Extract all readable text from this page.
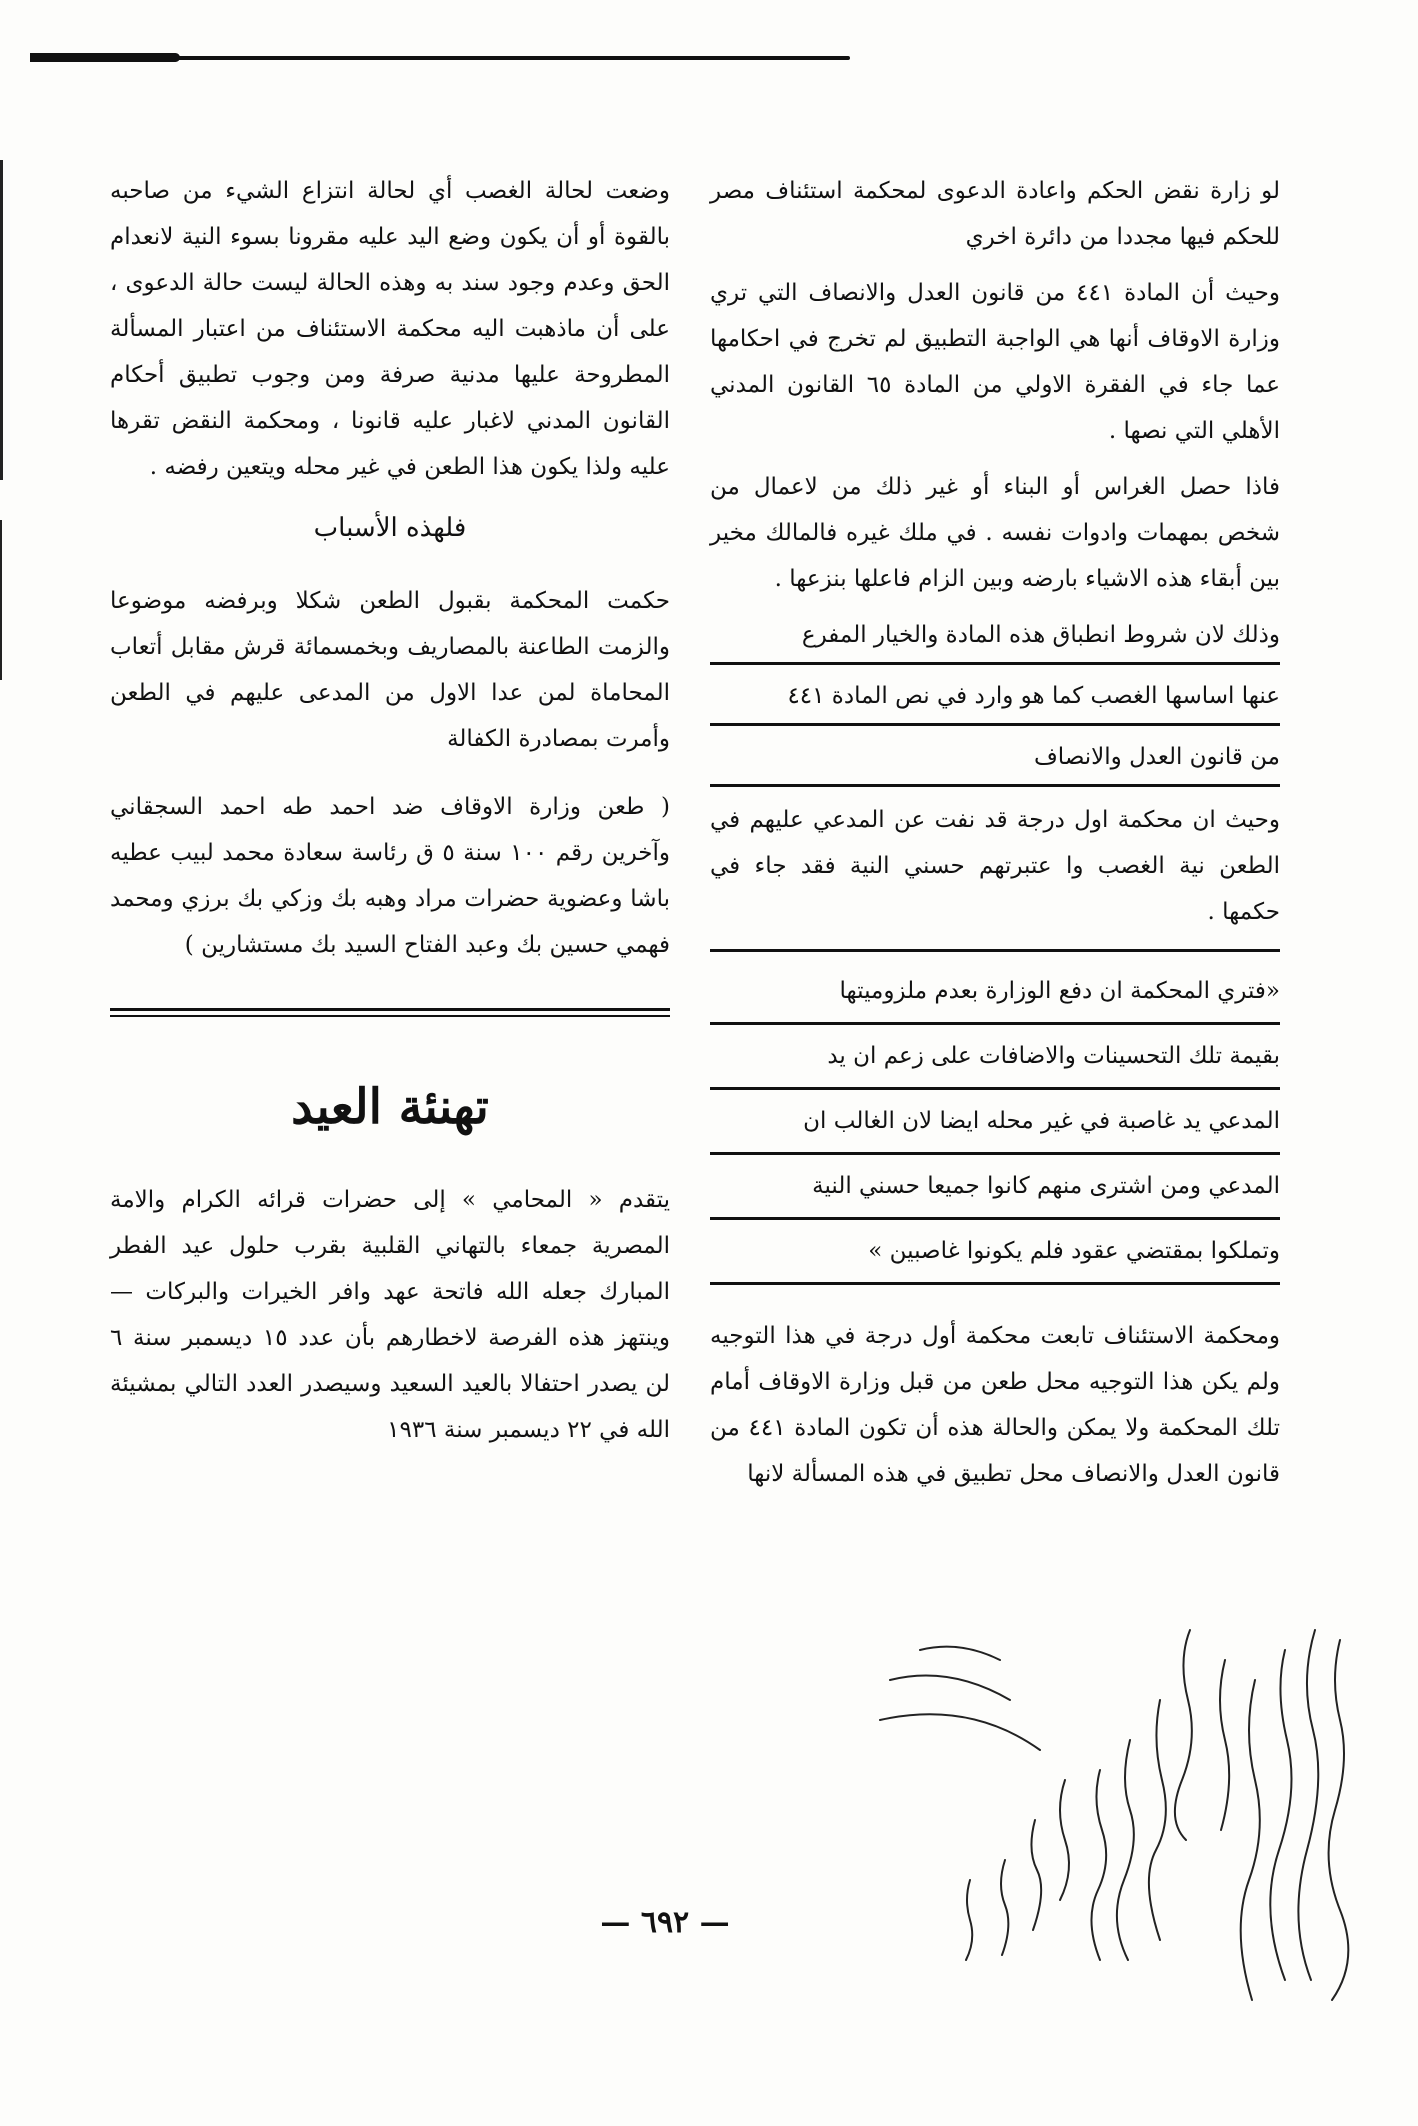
لو زارة نقض الحكم واعادة الدعوى لمحكمة استئناف مصر للحكم فيها مجددا من دائرة اخري

وحيث أن المادة ٤٤١ من قانون العدل والانصاف التي تري وزارة الاوقاف أنها هي الواجبة التطبيق لم تخرج في احكامها عما جاء في الفقرة الاولي من المادة ٦٥ القانون المدني الأهلي التي نصها .

فاذا حصل الغراس أو البناء أو غير ذلك من لاعمال من شخص بمهمات وادوات نفسه . في ملك غيره فالمالك مخير بين أبقاء هذه الاشياء بارضه وبين الزام فاعلها بنزعها .

وذلك لان شروط انطباق هذه المادة والخيار المفرع

عنها اساسها الغصب كما هو وارد في نص المادة ٤٤١

من قانون العدل والانصاف

وحيث ان محكمة اول درجة قد نفت عن المدعي عليهم في الطعن نية الغصب وا عتبرتهم حسني النية فقد جاء في حكمها .

«فتري المحكمة ان دفع الوزارة بعدم ملزوميتها

بقيمة تلك التحسينات والاضافات على زعم ان يد

المدعي يد غاصبة في غير محله ايضا لان الغالب ان

المدعي ومن اشترى منهم كانوا جميعا حسني النية

وتملكوا بمقتضي عقود فلم يكونوا غاصبين »

ومحكمة الاستئناف تابعت محكمة أول درجة في هذا التوجيه ولم يكن هذا التوجيه محل طعن من قبل وزارة الاوقاف أمام تلك المحكمة ولا يمكن والحالة هذه أن تكون المادة ٤٤١ من قانون العدل والانصاف محل تطبيق في هذه المسألة لانها

وضعت لحالة الغصب أي لحالة انتزاع الشيء من صاحبه بالقوة أو أن يكون وضع اليد عليه مقرونا بسوء النية لانعدام الحق وعدم وجود سند به وهذه الحالة ليست حالة الدعوى ، على أن ماذهبت اليه محكمة الاستئناف من اعتبار المسألة المطروحة عليها مدنية صرفة ومن وجوب تطبيق أحكام القانون المدني لاغبار عليه قانونا ، ومحكمة النقض تقرها عليه ولذا يكون هذا الطعن في غير محله ويتعين رفضه .

فلهذه الأسباب

حكمت المحكمة بقبول الطعن شكلا وبرفضه موضوعا والزمت الطاعنة بالمصاريف وبخمسمائة قرش مقابل أتعاب المحاماة لمن عدا الاول من المدعى عليهم في الطعن وأمرت بمصادرة الكفالة

( طعن وزارة الاوقاف ضد احمد طه احمد السجقاني وآخرين رقم ١٠٠ سنة ٥ ق رئاسة سعادة محمد لبيب عطيه باشا وعضوية حضرات مراد وهبه بك وزكي بك برزي ومحمد فهمي حسين بك وعبد الفتاح السيد بك مستشارين )

تهنئة العيد

يتقدم « المحامي » إلى حضرات قرائه الكرام والامة المصرية جمعاء بالتهاني القلبية بقرب حلول عيد الفطر المبارك جعله الله فاتحة عهد وافر الخيرات والبركات — وينتهز هذه الفرصة لاخطارهم بأن عدد ١٥ ديسمبر سنة ٦ لن يصدر احتفالا بالعيد السعيد وسيصدر العدد التالي بمشيئة الله في ٢٢ ديسمبر سنة ١٩٣٦

— ٦٩٢ —
